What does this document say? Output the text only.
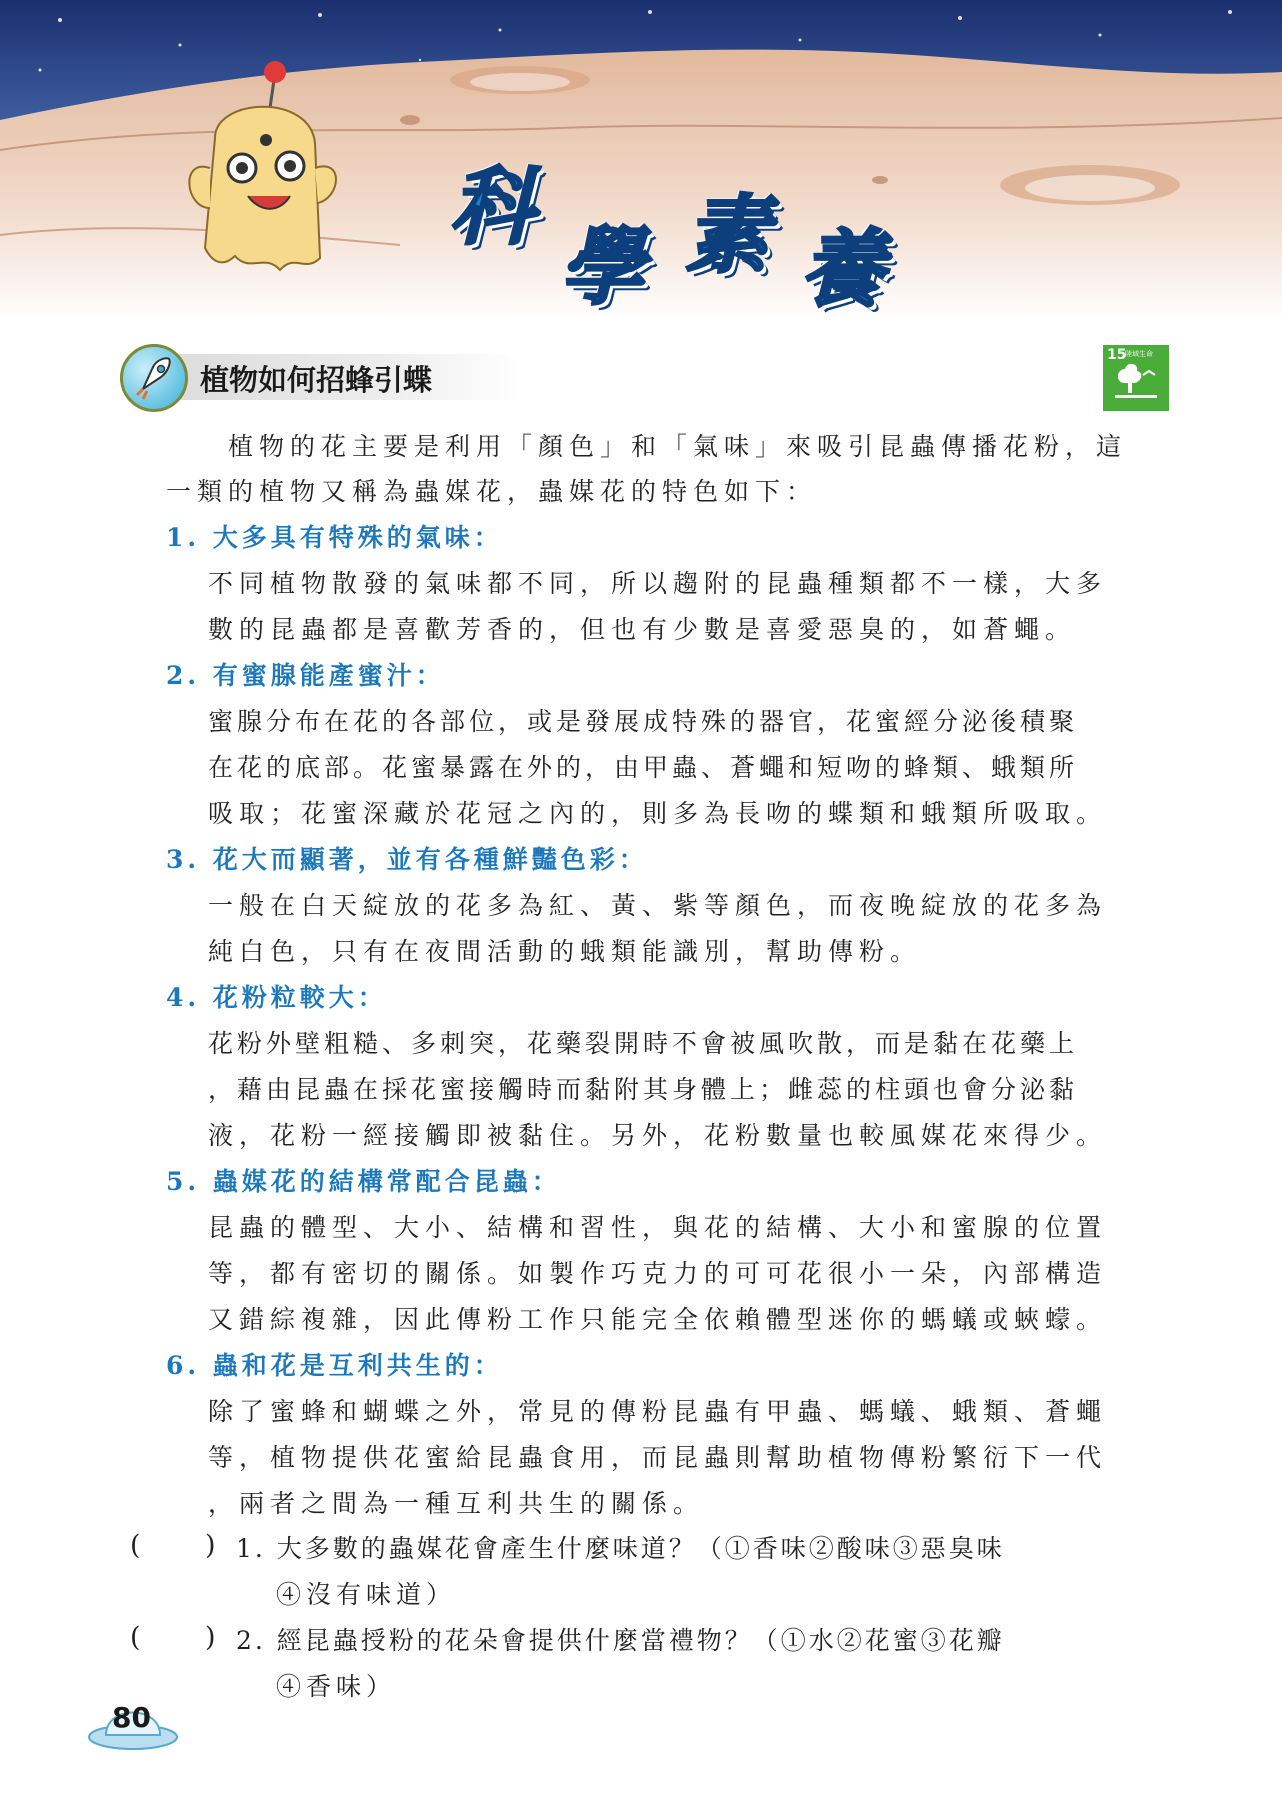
科
學 素 養
植物如何招蜂引蝶
15
陸域生命
植物的花主要是利用「顏色」和「氣味」來吸引昆蟲傳播花粉，這
一類的植物又稱為蟲媒花，蟲媒花的特色如下：
1. 大多具有特殊的氣味：
不同植物散發的氣味都不同，所以趨附的昆蟲種類都不一樣，大多
數的昆蟲都是喜歡芳香的，但也有少數是喜愛惡臭的，如蒼蠅。
2. 有蜜腺能產蜜汁：
蜜腺分布在花的各部位，或是發展成特殊的器官，花蜜經分泌後積聚
在花的底部。花蜜暴露在外的，由甲蟲、蒼蠅和短吻的蜂類、蛾類所
吸取；花蜜深藏於花冠之內的，則多為長吻的蝶類和蛾類所吸取。
3. 花大而顯著，並有各種鮮豔色彩：
一般在白天綻放的花多為紅、黃、紫等顏色，而夜晚綻放的花多為
純白色，只有在夜間活動的蛾類能識別，幫助傳粉。
4. 花粉粒較大：
花粉外壁粗糙、多刺突，花藥裂開時不會被風吹散，而是黏在花藥上
，藉由昆蟲在採花蜜接觸時而黏附其身體上；雌蕊的柱頭也會分泌黏
液，花粉一經接觸即被黏住。另外，花粉數量也較風媒花來得少。
5. 蟲媒花的結構常配合昆蟲：
昆蟲的體型、大小、結構和習性，與花的結構、大小和蜜腺的位置
等，都有密切的關係。如製作巧克力的可可花很小一朵，內部構造
又錯綜複雜，因此傳粉工作只能完全依賴體型迷你的螞蟻或蛺蠓。
6. 蟲和花是互利共生的：
除了蜜蜂和蝴蝶之外，常見的傳粉昆蟲有甲蟲、螞蟻、蛾類、蒼蠅
等，植物提供花蜜給昆蟲食用，而昆蟲則幫助植物傳粉繁衍下一代
，兩者之間為一種互利共生的關係。
( ) 1. 大多數的蟲媒花會產生什麼味道？（①香味②酸味③惡臭味
④沒有味道）
( ) 2. 經昆蟲授粉的花朵會提供什麼當禮物？（①水②花蜜③花瓣
④香味）
80
